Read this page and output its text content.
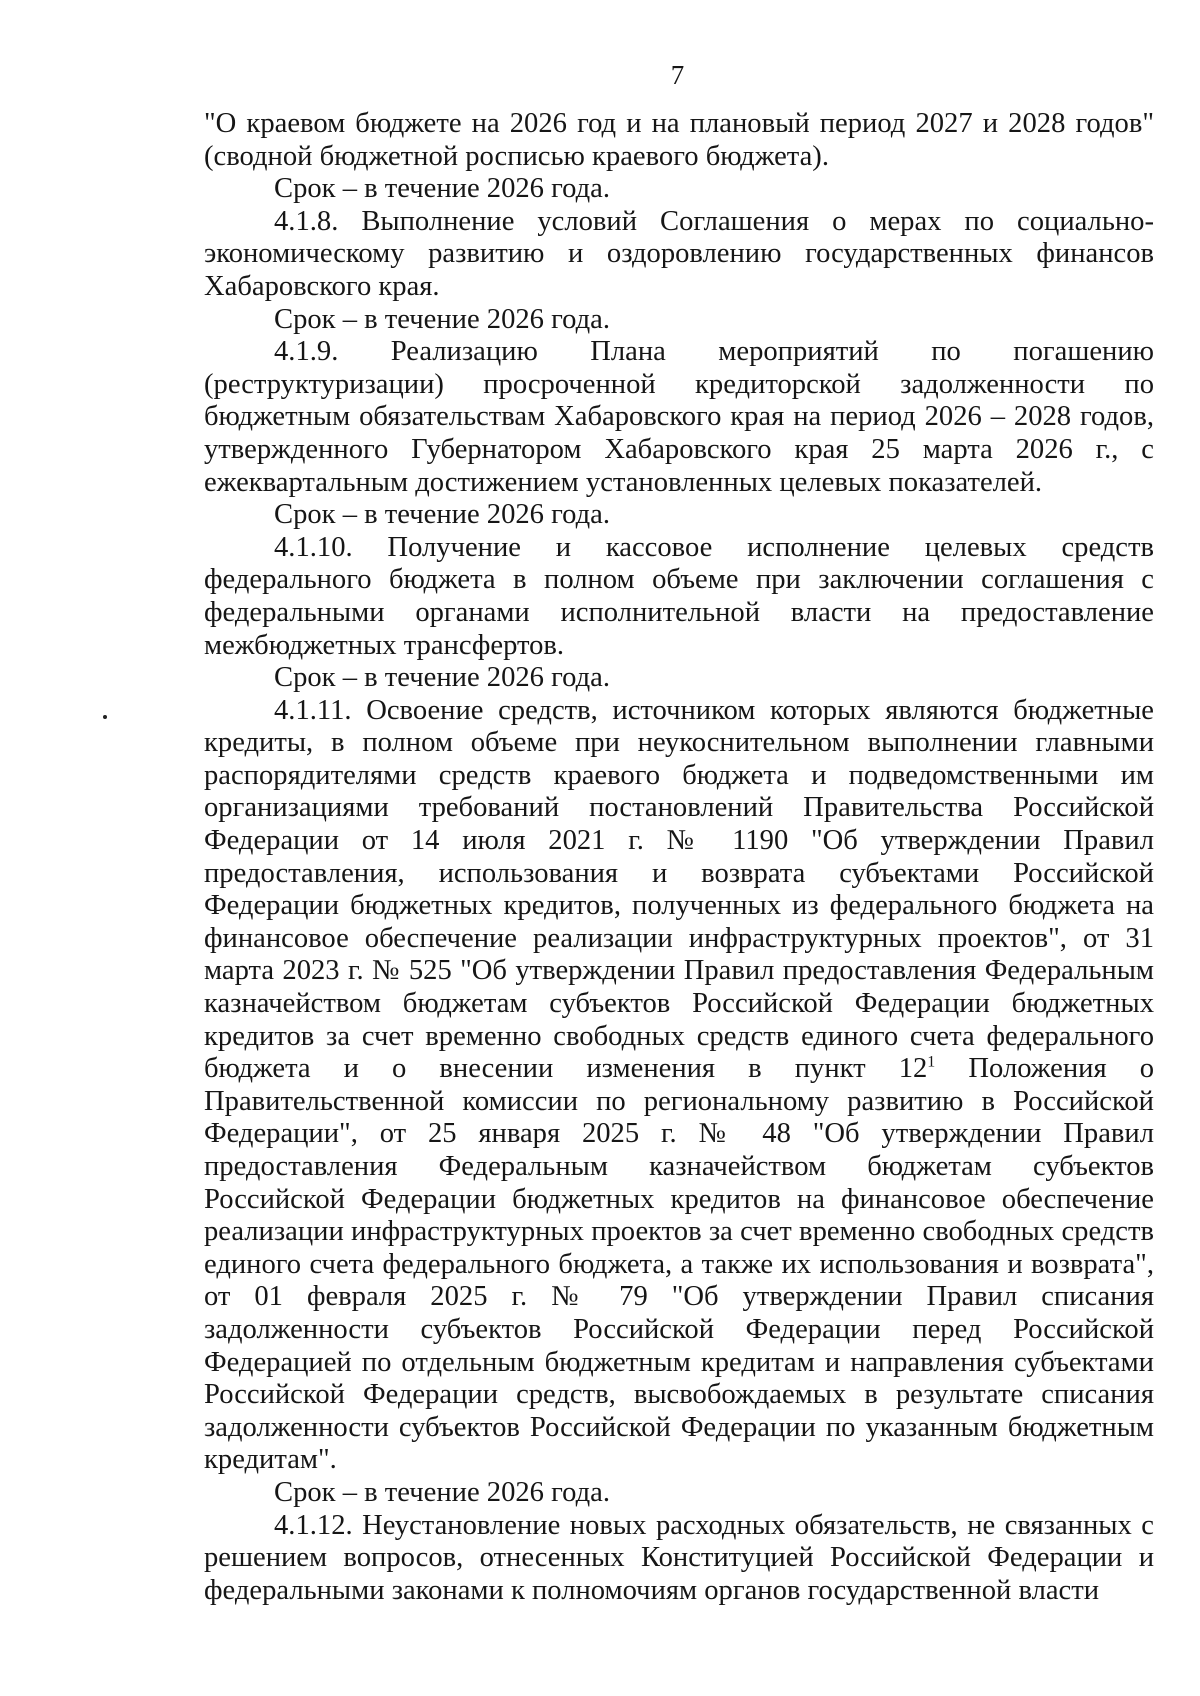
7

"О краевом бюджете на 2026 год и на плановый период 2027 и 2028 годов" (сводной бюджетной росписью краевого бюджета).

Срок – в течение 2026 года.

4.1.8. Выполнение условий Соглашения о мерах по социально-экономическому развитию и оздоровлению государственных финансов Хабаровского края.

Срок – в течение 2026 года.

4.1.9. Реализацию Плана мероприятий по погашению (реструктуризации) просроченной кредиторской задолженности по бюджетным обязательствам Хабаровского края на период 2026 – 2028 годов, утвержденного Губернатором Хабаровского края 25 марта 2026 г., с ежеквартальным достижением установленных целевых показателей.

Срок – в течение 2026 года.

4.1.10. Получение и кассовое исполнение целевых средств федерального бюджета в полном объеме при заключении соглашения с федеральными органами исполнительной власти на предоставление межбюджетных трансфертов.

Срок – в течение 2026 года.

4.1.11. Освоение средств, источником которых являются бюджетные кредиты, в полном объеме при неукоснительном выполнении главными распорядителями средств краевого бюджета и подведомственными им организациями требований постановлений Правительства Российской Федерации от 14 июля 2021 г. № 1190 "Об утверждении Правил предоставления, использования и возврата субъектами Российской Федерации бюджетных кредитов, полученных из федерального бюджета на финансовое обеспечение реализации инфраструктурных проектов", от 31 марта 2023 г. № 525 "Об утверждении Правил предоставления Федеральным казначейством бюджетам субъектов Российской Федерации бюджетных кредитов за счет временно свободных средств единого счета федерального бюджета и о внесении изменения в пункт $12^1$ Положения о Правительственной комиссии по региональному развитию в Российской Федерации", от 25 января 2025 г. № 48 "Об утверждении Правил предоставления Федеральным казначейством бюджетам субъектов Российской Федерации бюджетных кредитов на финансовое обеспечение реализации инфраструктурных проектов за счет временно свободных средств единого счета федерального бюджета, а также их использования и возврата", от 01 февраля 2025 г. № 79 "Об утверждении Правил списания задолженности субъектов Российской Федерации перед Российской Федерацией по отдельным бюджетным кредитам и направления субъектами Российской Федерации средств, высвобождаемых в результате списания задолженности субъектов Российской Федерации по указанным бюджетным кредитам".

Срок – в течение 2026 года.

4.1.12. Неустановление новых расходных обязательств, не связанных с решением вопросов, отнесенных Конституцией Российской Федерации и федеральными законами к полномочиям органов государственной власти
